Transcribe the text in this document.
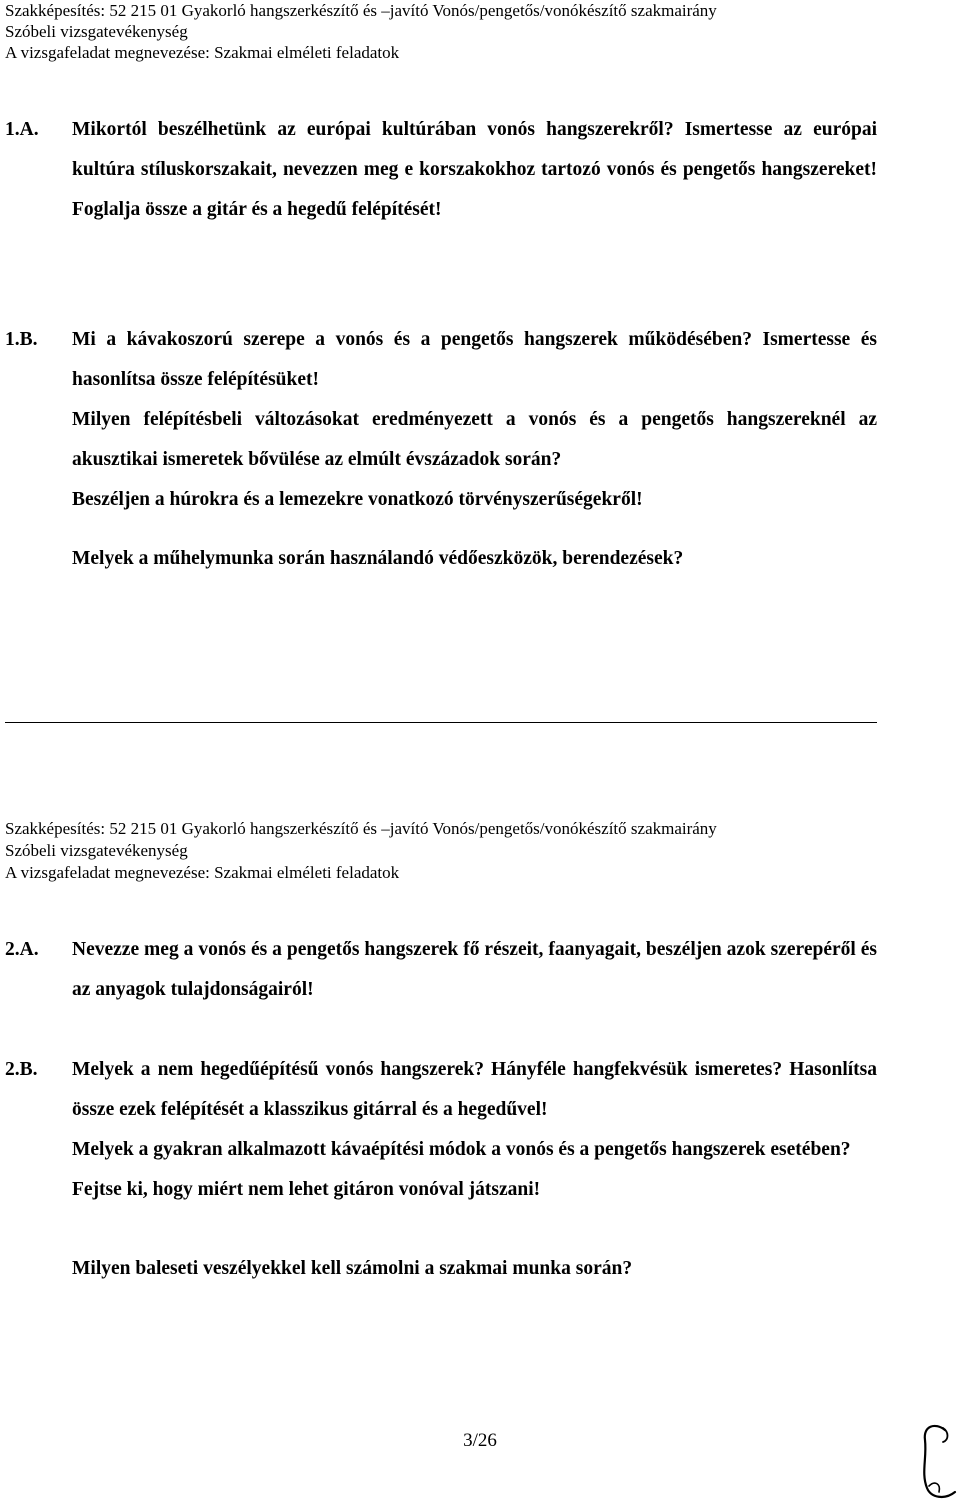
Szakképesítés: 52 215 01 Gyakorló hangszerkészítő és –javító Vonós/pengetős/vonókészítő szakmairány
Szóbeli vizsgatevékenység
A vizsgafeladat megnevezése: Szakmai elméleti feladatok
1.A. Mikortól beszélhetünk az európai kultúrában vonós hangszerekről? Ismertesse az európai kultúra stíluskorszakait, nevezzen meg e korszakokhoz tartozó vonós és pengetős hangszereket! Foglalja össze a gitár és a hegedű felépítését!

1.B. Mi a kávakoszorú szerepe a vonós és a pengetős hangszerek működésében? Ismertesse és hasonlítsa össze felépítésüket!

Milyen felépítésbeli változásokat eredményezett a vonós és a pengetős hangszereknél az akusztikai ismeretek bővülése az elmúlt évszázadok során?

Beszéljen a húrokra és a lemezekre vonatkozó törvényszerűségekről!

Melyek a műhelymunka során használandó védőeszközök, berendezések?

Szakképesítés: 52 215 01 Gyakorló hangszerkészítő és –javító Vonós/pengetős/vonókészítő szakmairány
Szóbeli vizsgatevékenység
A vizsgafeladat megnevezése: Szakmai elméleti feladatok
2.A. Nevezze meg a vonós és a pengetős hangszerek fő részeit, faanyagait, beszéljen azok szerepéről és az anyagok tulajdonságairól!

2.B. Melyek a nem hegedűépítésű vonós hangszerek? Hányféle hangfekvésük ismeretes? Hasonlítsa össze ezek felépítését a klasszikus gitárral és a hegedűvel!

Melyek a gyakran alkalmazott kávaépítési módok a vonós és a pengetős hangszerek esetében?

Fejtse ki, hogy miért nem lehet gitáron vonóval játszani!

Milyen baleseti veszélyekkel kell számolni a szakmai munka során?

3/26
